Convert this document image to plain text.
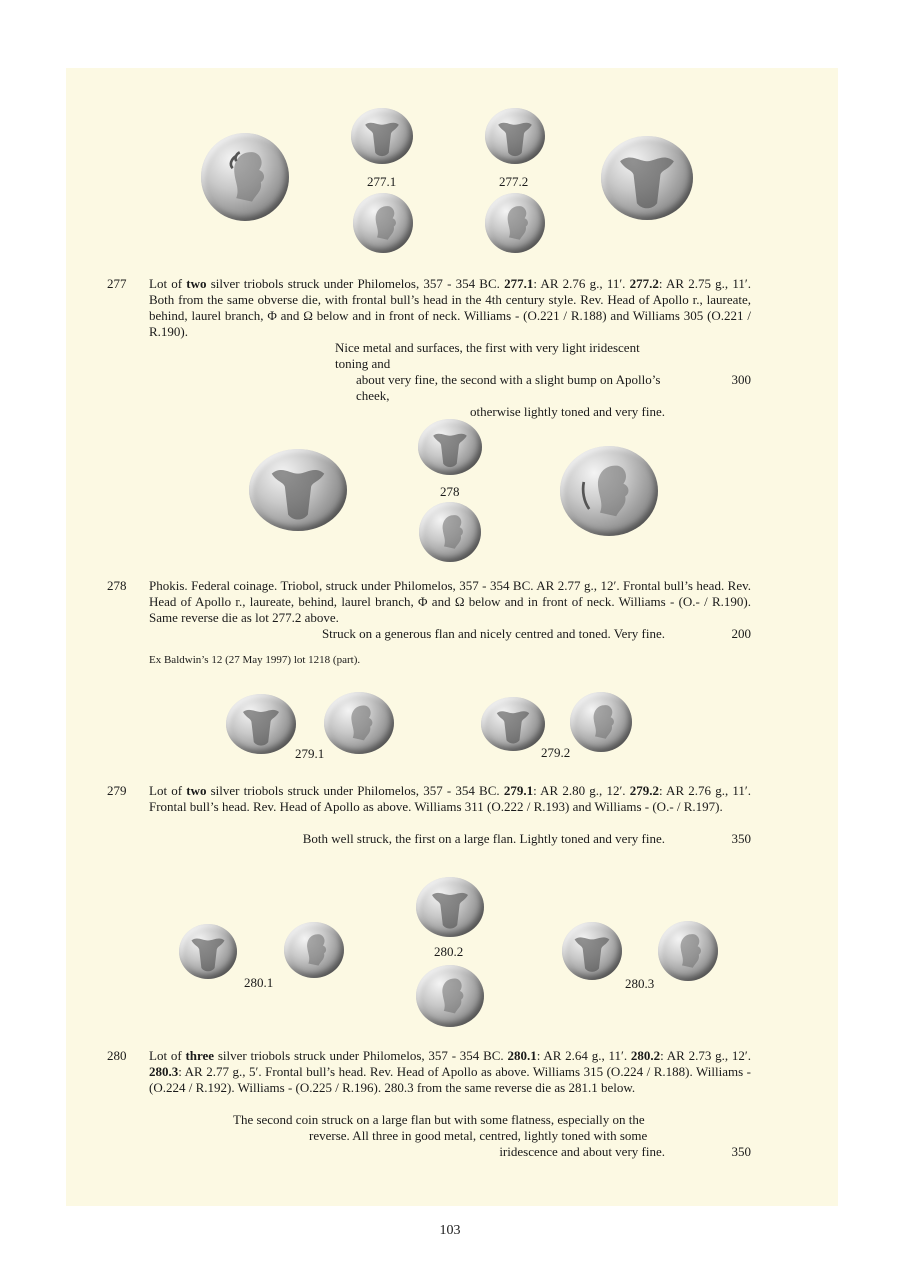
277.1	277.2
277 Lot of two silver triobols struck under Philomelos, 357 - 354 BC. 277.1: AR 2.76 g., 11′. 277.2: AR 2.75 g., 11′. Both from the same obverse die, with frontal bull’s head in the 4th century style. Rev. Head of Apollo r., laureate, behind, laurel branch, Φ and Ω below and in front of neck. Williams - (O.221 / R.188) and Williams 305 (O.221 / R.190).

Nice metal and surfaces, the first with very light iridescent toning and
about very fine, the second with a slight bump on Apollo’s cheek,
otherwise lightly toned and very fine.
300
278
278 Phokis. Federal coinage. Triobol, struck under Philomelos, 357 - 354 BC. AR 2.77 g., 12′. Frontal bull’s head. Rev. Head of Apollo r., laureate, behind, laurel branch, Φ and Ω below and in front of neck. Williams - (O.- / R.190). Same reverse die as lot 277.2 above.

Struck on a generous flan and nicely centred and toned. Very fine.	200
Ex Baldwin’s 12 (27 May 1997) lot 1218 (part).
279.1	279.2
279 Lot of two silver triobols struck under Philomelos, 357 - 354 BC. 279.1: AR 2.80 g., 12′. 279.2: AR 2.76 g., 11′. Frontal bull’s head. Rev. Head of Apollo as above. Williams 311 (O.222 / R.193) and Williams - (O.- / R.197).

Both well struck, the first on a large flan. Lightly toned and very fine.	350
280.1
280.2
280.3
280 Lot of three silver triobols struck under Philomelos, 357 - 354 BC. 280.1: AR 2.64 g., 11′. 280.2: AR 2.73 g., 12′. 280.3: AR 2.77 g., 5′. Frontal bull’s head. Rev. Head of Apollo as above. Williams 315 (O.224 / R.188). Williams - (O.224 / R.192). Williams - (O.225 / R.196). 280.3 from the same reverse die as 281.1 below.

The second coin struck on a large flan but with some flatness, especially on the
reverse. All three in good metal, centred, lightly toned with some
iridescence and about very fine.	350
103
